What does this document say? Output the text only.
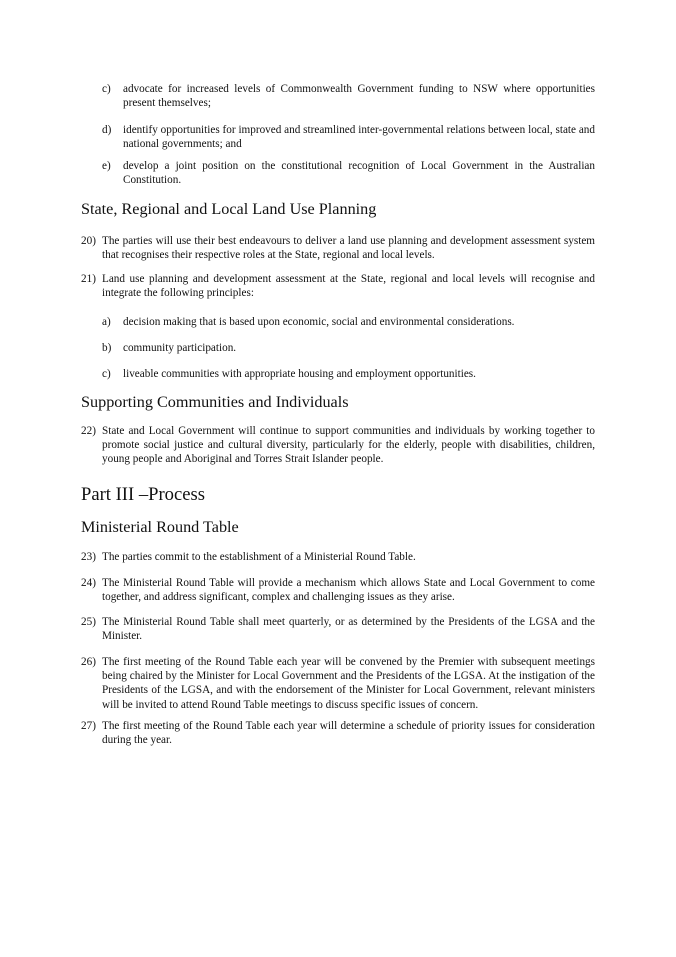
c) advocate for increased levels of Commonwealth Government funding to NSW where opportunities present themselves;
d) identify opportunities for improved and streamlined inter-governmental relations between local, state and national governments; and
e) develop a joint position on the constitutional recognition of Local Government in the Australian Constitution.
State, Regional and Local Land Use Planning
20) The parties will use their best endeavours to deliver a land use planning and development assessment system that recognises their respective roles at the State, regional and local levels.
21) Land use planning and development assessment at the State, regional and local levels will recognise and integrate the following principles:
a) decision making that is based upon economic, social and environmental considerations.
b) community participation.
c) liveable communities with appropriate housing and employment opportunities.
Supporting Communities and Individuals
22) State and Local Government will continue to support communities and individuals by working together to promote social justice and cultural diversity, particularly for the elderly, people with disabilities, children, young people and Aboriginal and Torres Strait Islander people.
Part III –Process
Ministerial Round Table
23) The parties commit to the establishment of a Ministerial Round Table.
24) The Ministerial Round Table will provide a mechanism which allows State and Local Government to come together, and address significant, complex and challenging issues as they arise.
25) The Ministerial Round Table shall meet quarterly, or as determined by the Presidents of the LGSA and the Minister.
26) The first meeting of the Round Table each year will be convened by the Premier with subsequent meetings being chaired by the Minister for Local Government and the Presidents of the LGSA. At the instigation of the Presidents of the LGSA, and with the endorsement of the Minister for Local Government, relevant ministers will be invited to attend Round Table meetings to discuss specific issues of concern.
27) The first meeting of the Round Table each year will determine a schedule of priority issues for consideration during the year.
